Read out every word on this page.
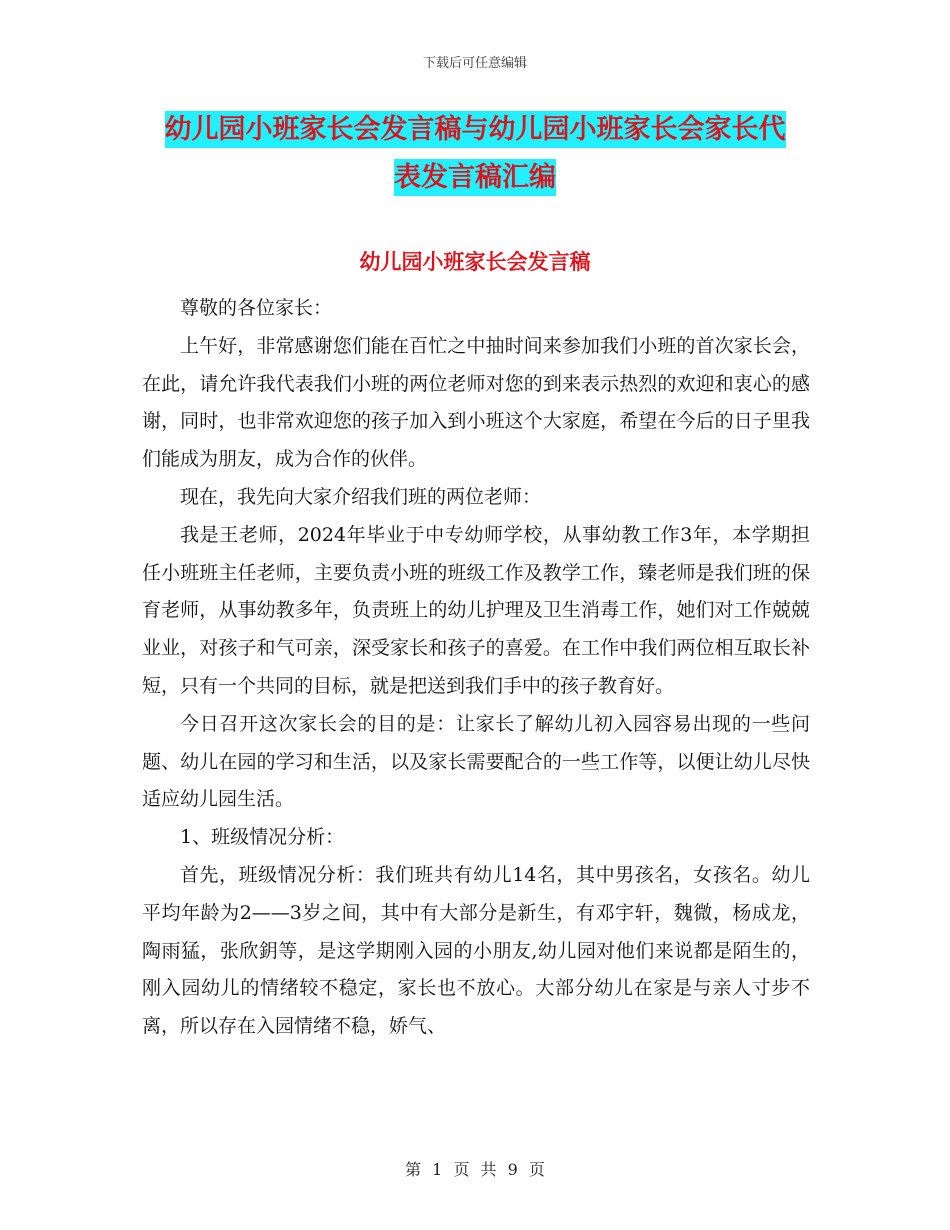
下载后可任意编辑
幼儿园小班家长会发言稿与幼儿园小班家长会家长代
表发言稿汇编
幼儿园小班家长会发言稿

尊敬的各位家长：

上午好，非常感谢您们能在百忙之中抽时间来参加我们小班的首次家长会，在此，请允许我代表我们小班的两位老师对您的到来表示热烈的欢迎和衷心的感谢，同时，也非常欢迎您的孩子加入到小班这个大家庭，希望在今后的日子里我们能成为朋友，成为合作的伙伴。

现在，我先向大家介绍我们班的两位老师：

我是王老师，2024年毕业于中专幼师学校，从事幼教工作3年，本学期担任小班班主任老师，主要负责小班的班级工作及教学工作，臻老师是我们班的保育老师，从事幼教多年，负责班上的幼儿护理及卫生消毒工作，她们对工作兢兢业业，对孩子和气可亲，深受家长和孩子的喜爱。在工作中我们两位相互取长补短，只有一个共同的目标，就是把送到我们手中的孩子教育好。

今日召开这次家长会的目的是：让家长了解幼儿初入园容易出现的一些问题、幼儿在园的学习和生活，以及家长需要配合的一些工作等，以便让幼儿尽快适应幼儿园生活。

1、班级情况分析：

首先，班级情况分析：我们班共有幼儿14名，其中男孩名，女孩名。幼儿平均年龄为2——3岁之间，其中有大部分是新生，有邓宇轩，魏微，杨成龙，陶雨猛，张欣鈅等，是这学期刚入园的小朋友,幼儿园对他们来说都是陌生的，刚入园幼儿的情绪较不稳定，家长也不放心。大部分幼儿在家是与亲人寸步不离，所以存在入园情绪不稳，娇气、

第 1 页 共 9 页
